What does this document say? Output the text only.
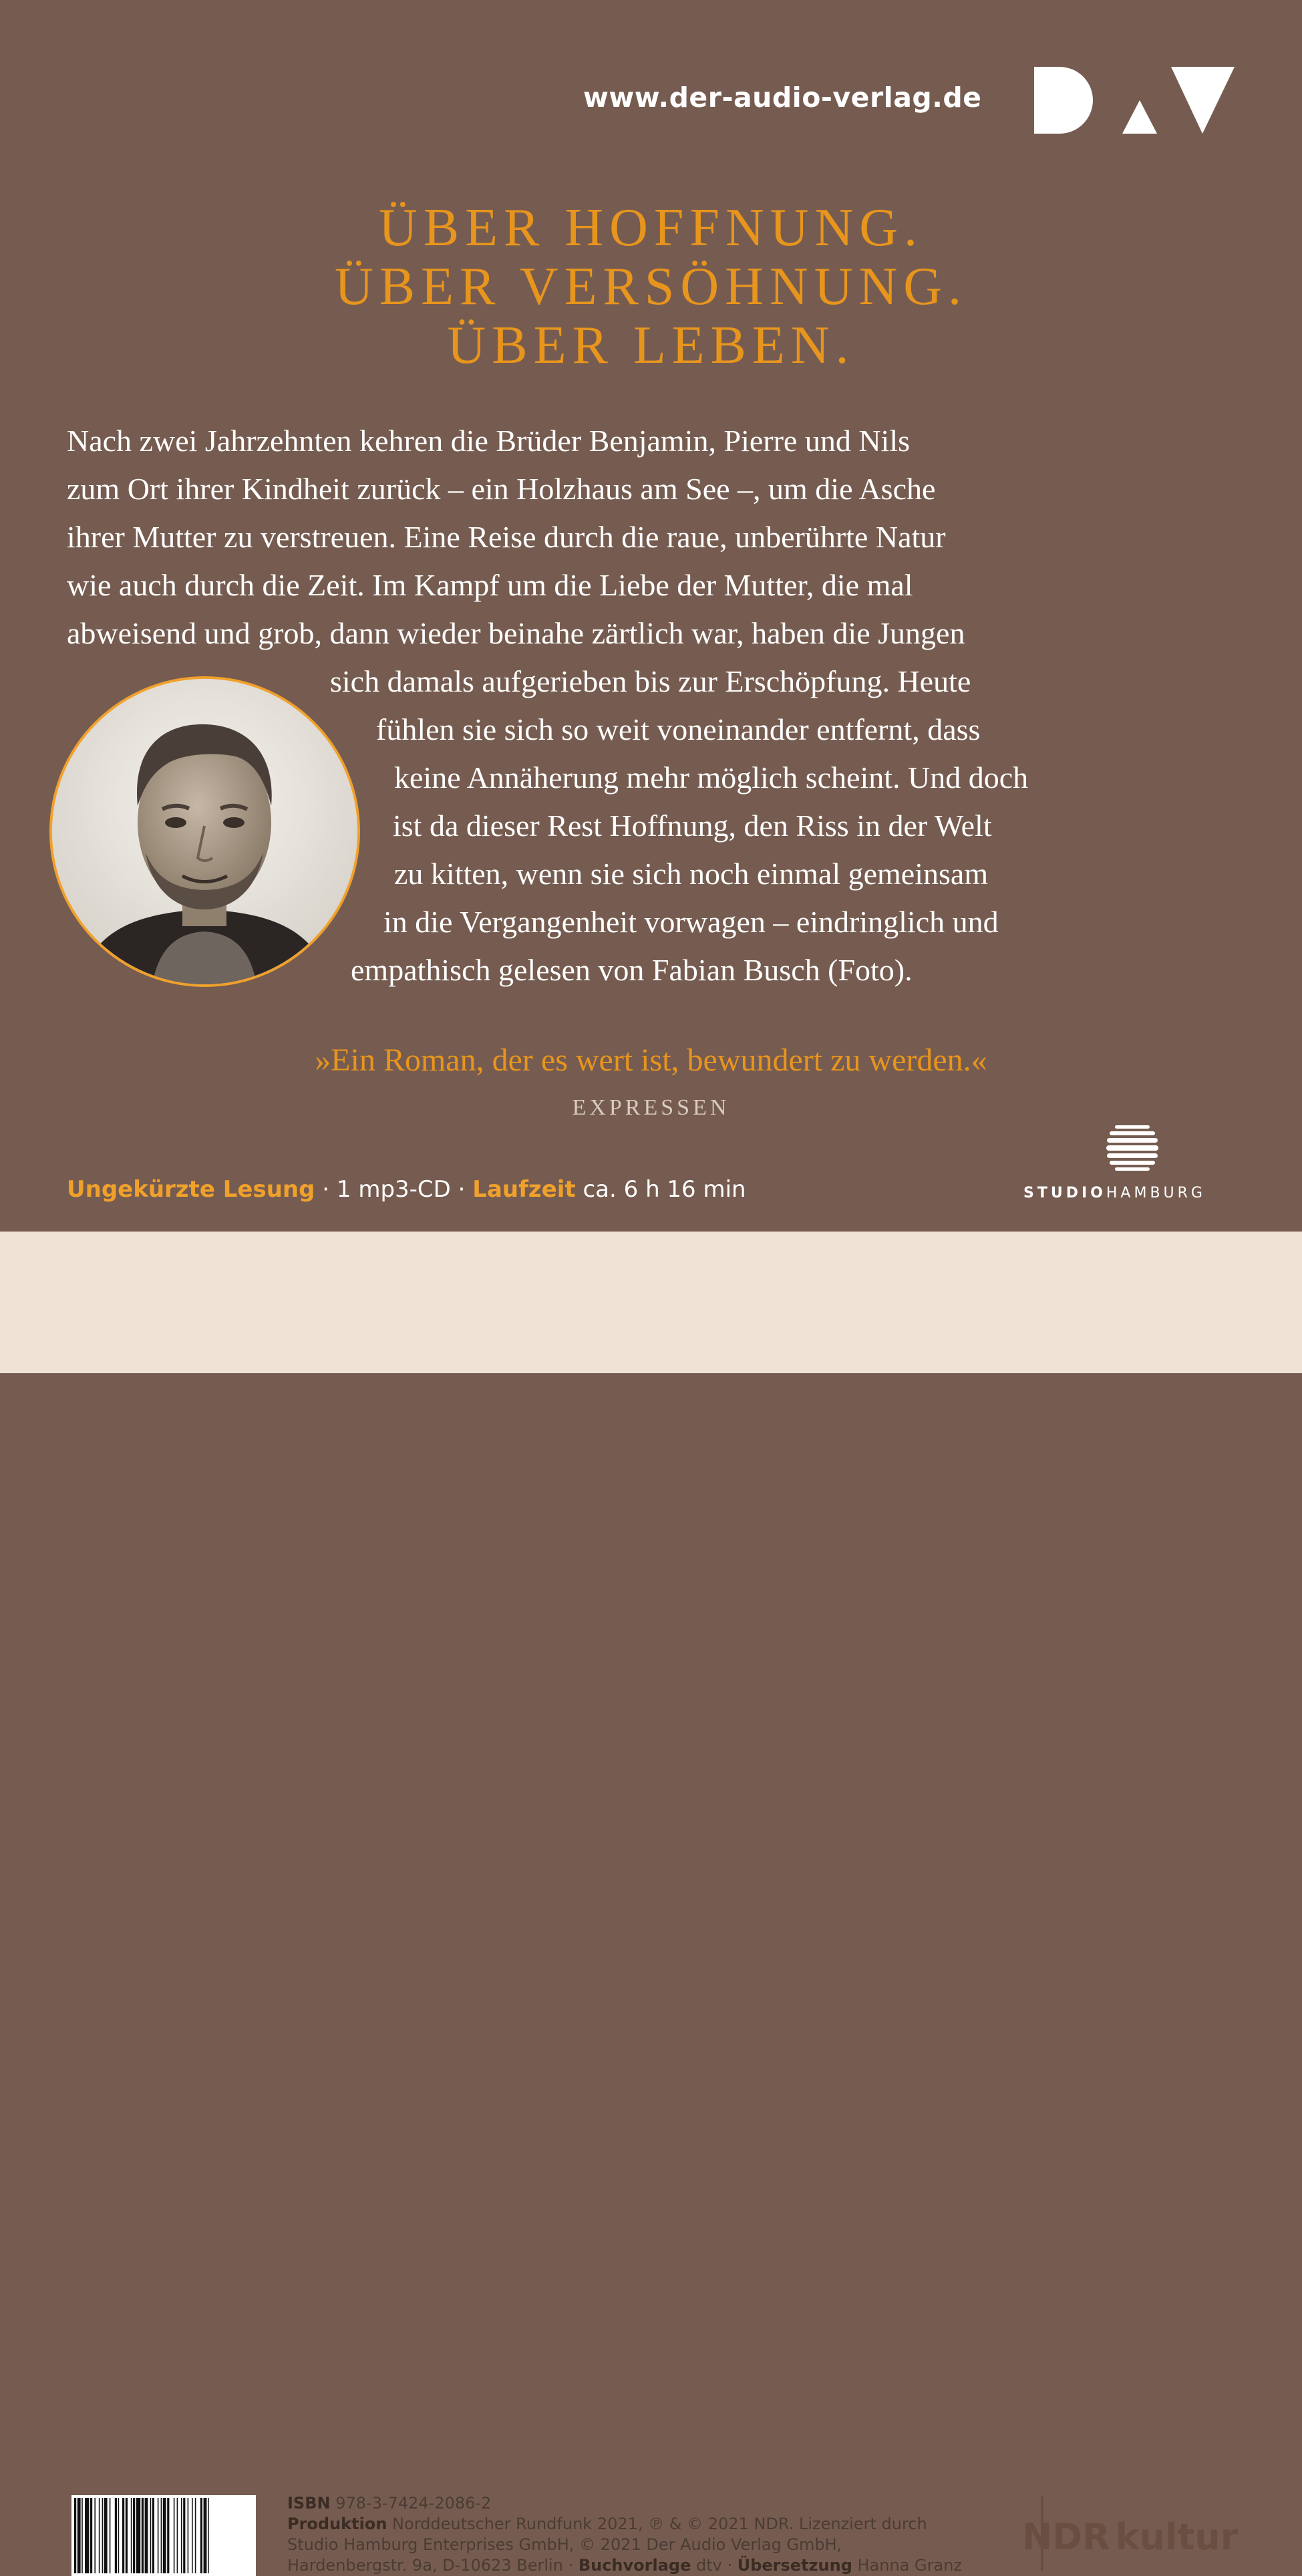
www.der-audio-verlag.de
ÜBER HOFFNUNG.
ÜBER VERSÖHNUNG.
ÜBER LEBEN.
Nach zwei Jahrzehnten kehren die Brüder Benjamin, Pierre und Nils
zum Ort ihrer Kindheit zurück – ein Holzhaus am See –, um die Asche
ihrer Mutter zu verstreuen. Eine Reise durch die raue, unberührte Natur
wie auch durch die Zeit. Im Kampf um die Liebe der Mutter, die mal
abweisend und grob, dann wieder beinahe zärtlich war, haben die Jungen
sich damals aufgerieben bis zur Erschöpfung. Heute
fühlen sie sich so weit voneinander entfernt, dass
keine Annäherung mehr möglich scheint. Und doch
ist da dieser Rest Hoffnung, den Riss in der Welt
zu kitten, wenn sie sich noch einmal gemeinsam
in die Vergangenheit vorwagen – eindringlich und
empathisch gelesen von Fabian Busch (Foto).
»Ein Roman, der es wert ist, bewundert zu werden.«
EXPRESSEN
Ungekürzte Lesung · 1 mp3-CD · Laufzeit ca. 6 h 16 min	STUDIOHAMBURG
ISBN 978-3-7424-2086-2
Produktion Norddeutscher Rundfunk 2021, ℗ & © 2021 NDR. Lizenziert durch
Studio Hamburg Enterprises GmbH, © 2021 Der Audio Verlag GmbH,
Hardenbergstr. 9a, D-10623 Berlin · Buchvorlage dtv · Übersetzung Hanna Granz
NDR kultur
